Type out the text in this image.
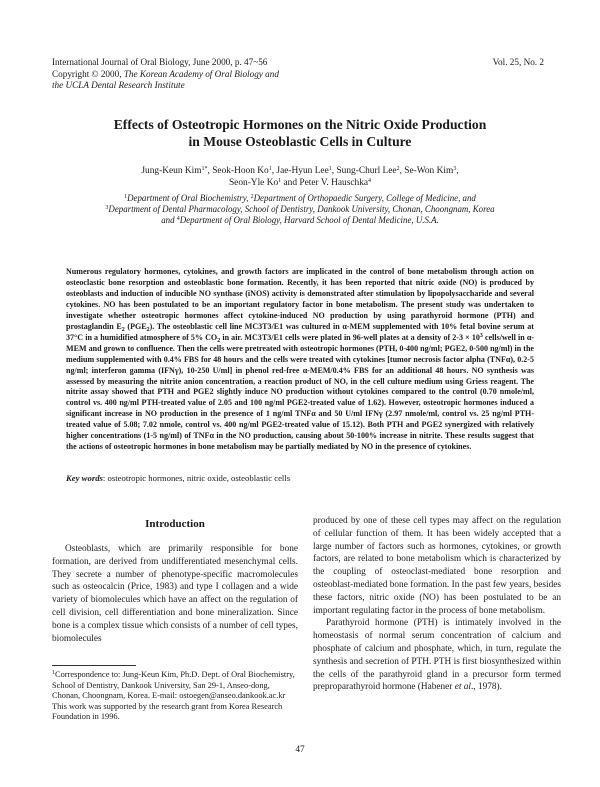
International Journal of Oral Biology, June 2000, p. 47~56
Copyright © 2000, The Korean Academy of Oral Biology and
the UCLA Dental Research Institute
Vol. 25, No. 2
Effects of Osteotropic Hormones on the Nitric Oxide Production
in Mouse Osteoblastic Cells in Culture
Jung-Keun Kim$^{1*}$, Seok-Hoon Ko$^1$, Jae-Hyun Lee$^1$, Sung-Churl Lee$^2$, Se-Won Kim$^3$,
Seon-Yle Ko$^1$ and Peter V. Hauschka$^4$
$^1$Department of Oral Biochemistry, $^2$Department of Orthopaedic Surgery, College of Medicine, and
$^3$Department of Dental Pharmacology, School of Dentistry, Dankook University, Chonan, Choongnam, Korea
and $^4$Department of Oral Biology, Harvard School of Dental Medicine, U.S.A.
Numerous regulatory hormones, cytokines, and growth factors are implicated in the control of bone metabolism through action on osteoclastic bone resorption and osteoblastic bone formation. Recently, it has been reported that nitric oxide (NO) is produced by osteoblasts and induction of inducible NO synthase (iNOS) activity is demonstrated after stimulation by lipopolysaccharide and several cytokines. NO has been postulated to be an important regulatory factor in bone metabolism. The present study was undertaken to investigate whether osteotropic hormones affect cytokine-induced NO production by using parathyroid hormone (PTH) and prostaglandin $E_2$ $(PGE_2)$. The osteoblastic cell line MC3T3/E1 was cultured in α-MEM supplemented with 10% fetal bovine serum at 37°C in a humidified atmosphere of 5% $CO_2$ in air. MC3T3/E1 cells were plated in 96-well plates at a density of $2-3 \times 10^3$ cells/well in α-MEM and grown to confluence. Then the cells were pretreated with osteotropic hormones (PTH, 0-400 ng/ml; PGE2, 0-500 ng/ml) in the medium supplemented with 0.4% FBS for 48 hours and the cells were treated with cytokines [tumor necrosis factor alpha (TNFα), 0.2-5 ng/ml; interferon gamma (IFNγ), 10-250 U/ml] in phenol red-free α-MEM/0.4% FBS for an additional 48 hours. NO synthesis was assessed by measuring the nitrite anion concentration, a reaction product of NO, in the cell culture medium using Griess reagent. The nitrite assay showed that PTH and PGE2 slightly induce NO production without cytokines compared to the control (0.70 nmole/ml, control vs. 400 ng/ml PTH-treated value of 2.05 and 100 ng/ml PGE2-treated value of 1.62). However, osteotropic hormones induced a significant increase in NO production in the presence of 1 ng/ml TNFα and 50 U/ml IFNγ (2.97 nmole/ml, control vs. 25 ng/ml PTH-treated value of 5.08; 7.02 nmole, control vs. 400 ng/ml PGE2-treated value of 15.12). Both PTH and PGE2 synergized with relatively higher concentrations (1-5 ng/ml) of TNFα in the NO production, causing about 50-100% increase in nitrite. These results suggest that the actions of osteotropic hormones in bone metabolism may be partially mediated by NO in the presence of cytokines.
Key words: osteotropic hormones, nitric oxide, osteoblastic cells
Introduction

Osteoblasts, which are primarily responsible for bone formation, are derived from undifferentiated mesenchymal cells. They secrete a number of phenotype-specific macromolecules such as osteocalcin (Price, 1983) and type I collagen and a wide variety of biomolecules which have an affect on the regulation of cell division, cell differentiation and bone mineralization. Since bone is a complex tissue which consists of a number of cell types, biomolecules

$^1$Correspondence to: Jung-Keun Kim, Ph.D. Dept. of Oral Biochemistry, School of Dentistry, Dankook University, San 29-1, Anseo-dong, Chonan, Choongnam, Korea. E-mail: ostoegen@anseo.dankook.ac.kr
This work was supported by the research grant from Korea Research Foundation in 1996.

produced by one of these cell types may affect on the regulation of cellular function of them. It has been widely accepted that a large number of factors such as hormones, cytokines, or growth factors, are related to bone metabolism which is characterized by the coupling of osteoclast-mediated bone resorption and osteoblast-mediated bone formation. In the past few years, besides these factors, nitric oxide (NO) has been postulated to be an important regulating factor in the process of bone metabolism.

Parathyroid hormone (PTH) is intimately involved in the homeostasis of normal serum concentration of calcium and phosphate of calcium and phosphate, which, in turn, regulate the synthesis and secretion of PTH. PTH is first biosynthesized within the cells of the parathyroid gland in a precursor form termed preproparathyroid hormone (Habener et al., 1978).

47
